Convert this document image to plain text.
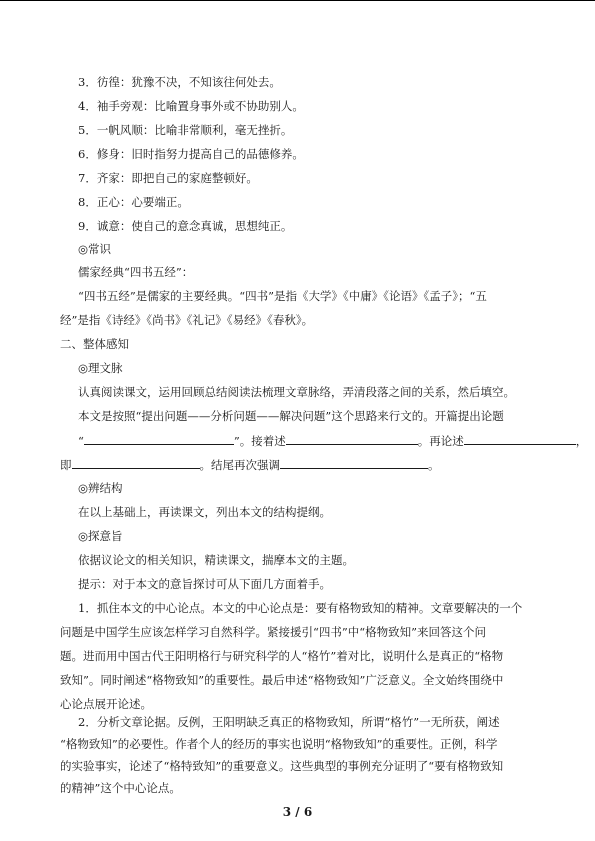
3．彷徨：犹豫不决，不知该往何处去。
4．袖手旁观：比喻置身事外或不协助别人。
5．一帆风顺：比喻非常顺利，毫无挫折。
6．修身：旧时指努力提高自己的品德修养。
7．齐家：即把自己的家庭整顿好。
8．正心：心要端正。
9．诚意：使自己的意念真诚，思想纯正。
◎常识
儒家经典“四书五经”：
“四书五经”是儒家的主要经典。“四书”是指《大学》《中庸》《论语》《孟子》；“五
经”是指《诗经》《尚书》《礼记》《易经》《春秋》。
二、整体感知
◎理文脉
认真阅读课文，运用回顾总结阅读法梳理文章脉络，弄清段落之间的关系，然后填空。
本文是按照“提出问题——分析问题——解决问题”这个思路来行文的。开篇提出论题
“	”。接着述	。再论述	，
即	。结尾再次强调	。
◎辨结构
在以上基础上，再读课文，列出本文的结构提纲。
◎探意旨
依据议论文的相关知识，精读课文，揣摩本文的主题。
提示：对于本文的意旨探讨可从下面几方面着手。
1．抓住本文的中心论点。本文的中心论点是：要有格物致知的精神。文章要解决的一个
问题是中国学生应该怎样学习自然科学。紧接援引“四书”中“格物致知”来回答这个问
题。进而用中国古代王阳明格行与研究科学的人“格竹”着对比，说明什么是真正的“格物
致知”。同时阐述“格物致知”的重要性。最后申述“格物致知”广泛意义。全文始终围绕中
心论点展开论述。
2．分析文章论据。反例，王阳明缺乏真正的格物致知，所谓“格竹”一无所获，阐述
“格物致知”的必要性。作者个人的经历的事实也说明“格物致知”的重要性。正例，科学
的实验事实，论述了“格特致知”的重要意义。这些典型的事例充分证明了“要有格物致知
的精神”这个中心论点。
3 / 6
